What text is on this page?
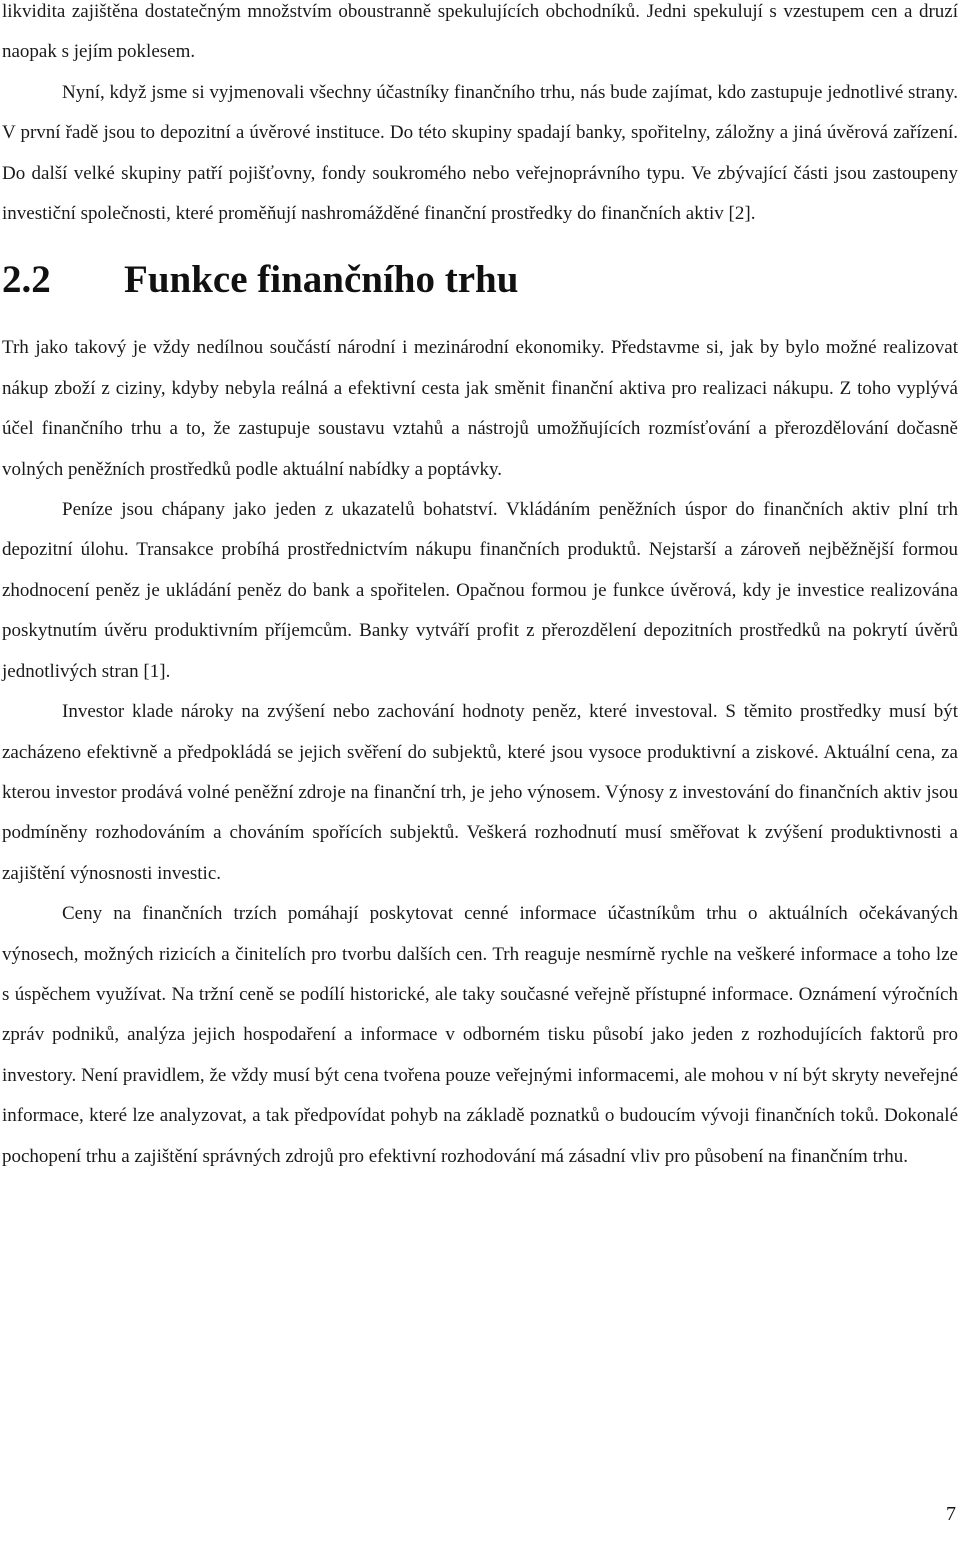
likvidita zajištěna dostatečným množstvím oboustranně spekulujících obchodníků. Jedni spekulují s vzestupem cen a druzí naopak s jejím poklesem.

Nyní, když jsme si vyjmenovali všechny účastníky finančního trhu, nás bude zajímat, kdo zastupuje jednotlivé strany. V první řadě jsou to depozitní a úvěrové instituce. Do této skupiny spadají banky, spořitelny, záložny a jiná úvěrová zařízení. Do další velké skupiny patří pojišťovny, fondy soukromého nebo veřejnoprávního typu. Ve zbývající části jsou zastoupeny investiční společnosti, které proměňují nashromážděné finanční prostředky do finančních aktiv [2].

2.2 Funkce finančního trhu

Trh jako takový je vždy nedílnou součástí národní i mezinárodní ekonomiky. Představme si, jak by bylo možné realizovat nákup zboží z ciziny, kdyby nebyla reálná a efektivní cesta jak směnit finanční aktiva pro realizaci nákupu. Z toho vyplývá účel finančního trhu a to, že zastupuje soustavu vztahů a nástrojů umožňujících rozmísťování a přerozdělování dočasně volných peněžních prostředků podle aktuální nabídky a poptávky.

Peníze jsou chápany jako jeden z ukazatelů bohatství. Vkládáním peněžních úspor do finančních aktiv plní trh depozitní úlohu. Transakce probíhá prostřednictvím nákupu finančních produktů. Nejstarší a zároveň nejběžnější formou zhodnocení peněz je ukládání peněz do bank a spořitelen. Opačnou formou je funkce úvěrová, kdy je investice realizována poskytnutím úvěru produktivním příjemcům. Banky vytváří profit z přerozdělení depozitních prostředků na pokrytí úvěrů jednotlivých stran [1].

Investor klade nároky na zvýšení nebo zachování hodnoty peněz, které investoval. S těmito prostředky musí být zacházeno efektivně a předpokládá se jejich svěření do subjektů, které jsou vysoce produktivní a ziskové. Aktuální cena, za kterou investor prodává volné peněžní zdroje na finanční trh, je jeho výnosem. Výnosy z investování do finančních aktiv jsou podmíněny rozhodováním a chováním spořících subjektů. Veškerá rozhodnutí musí směřovat k zvýšení produktivnosti a zajištění výnosnosti investic.

Ceny na finančních trzích pomáhají poskytovat cenné informace účastníkům trhu o aktuálních očekávaných výnosech, možných rizicích a činitelích pro tvorbu dalších cen. Trh reaguje nesmírně rychle na veškeré informace a toho lze s úspěchem využívat. Na tržní ceně se podílí historické, ale taky současné veřejně přístupné informace. Oznámení výročních zpráv podniků, analýza jejich hospodaření a informace v odborném tisku působí jako jeden z rozhodujících faktorů pro investory. Není pravidlem, že vždy musí být cena tvořena pouze veřejnými informacemi, ale mohou v ní být skryty neveřejné informace, které lze analyzovat, a tak předpovídat pohyb na základě poznatků o budoucím vývoji finančních toků. Dokonalé pochopení trhu a zajištění správných zdrojů pro efektivní rozhodování má zásadní vliv pro působení na finančním trhu.

7
